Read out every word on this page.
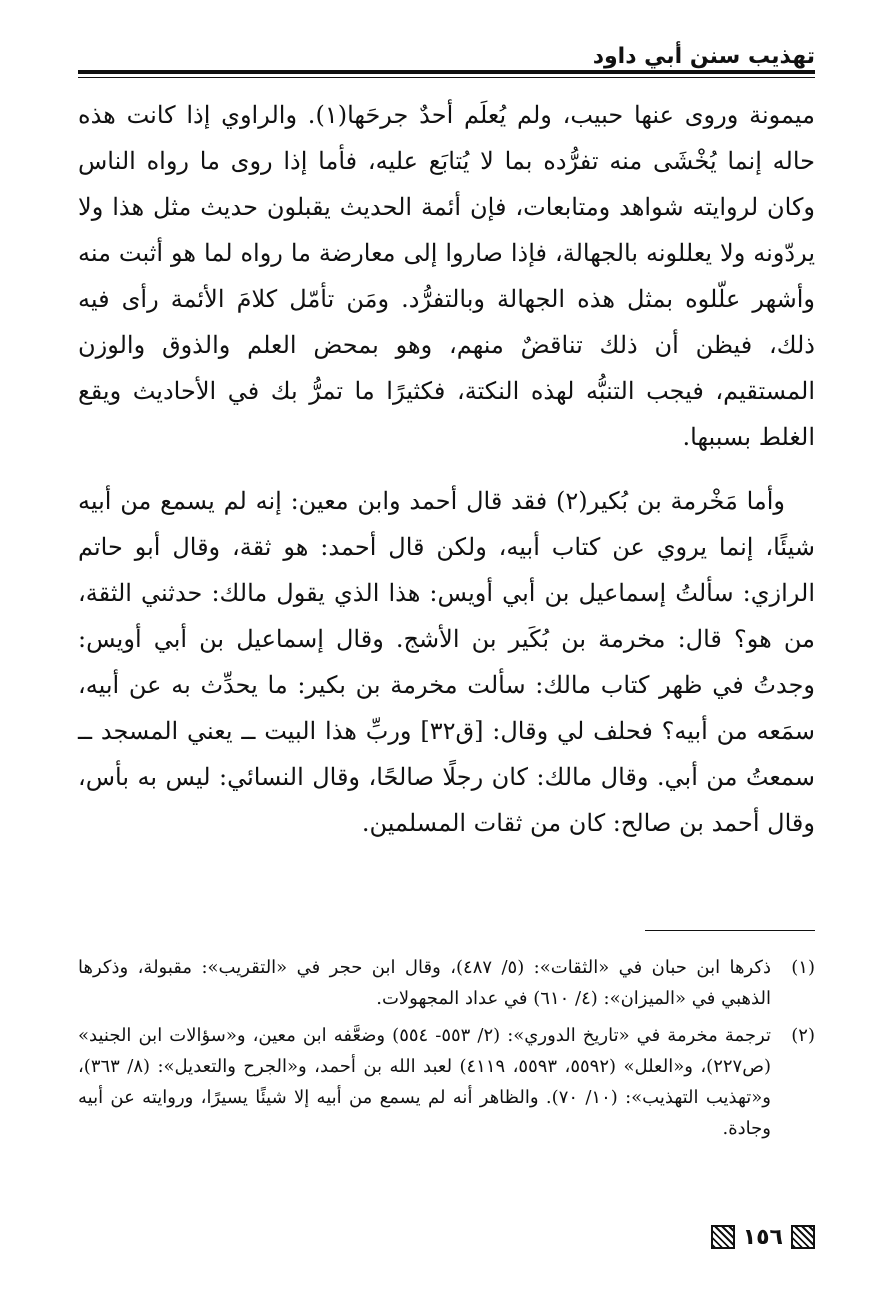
تهذيب سنن أبي داود

ميمونة وروى عنها حبيب، ولم يُعلَم أحدٌ جرحَها(١). والراوي إذا كانت هذه حاله إنما يُخْشَى منه تفرُّده بما لا يُتابَع عليه، فأما إذا روى ما رواه الناس وكان لروايته شواهد ومتابعات، فإن أئمة الحديث يقبلون حديث مثل هذا ولا يردّونه ولا يعللونه بالجهالة، فإذا صاروا إلى معارضة ما رواه لما هو أثبت منه وأشهر علّلوه بمثل هذه الجهالة وبالتفرُّد. ومَن تأمّل كلامَ الأئمة رأى فيه ذلك، فيظن أن ذلك تناقضٌ منهم، وهو بمحض العلم والذوق والوزن المستقيم، فيجب التنبُّه لهذه النكتة، فكثيرًا ما تمرُّ بك في الأحاديث ويقع الغلط بسببها.

وأما مَخْرمة بن بُكير(٢) فقد قال أحمد وابن معين: إنه لم يسمع من أبيه شيئًا، إنما يروي عن كتاب أبيه، ولكن قال أحمد: هو ثقة، وقال أبو حاتم الرازي: سألتُ إسماعيل بن أبي أويس: هذا الذي يقول مالك: حدثني الثقة، من هو؟ قال: مخرمة بن بُكَير بن الأشج. وقال إسماعيل بن أبي أويس: وجدتُ في ظهر كتاب مالك: سألت مخرمة بن بكير: ما يحدِّث به عن أبيه، سمَعه من أبيه؟ فحلف لي وقال: [ق٣٢] وربِّ هذا البيت ــ يعني المسجد ــ سمعتُ من أبي. وقال مالك: كان رجلًا صالحًا، وقال النسائي: ليس به بأس، وقال أحمد بن صالح: كان من ثقات المسلمين.

(١)
ذكرها ابن حبان في «الثقات»: (٥/ ٤٨٧)، وقال ابن حجر في «التقريب»: مقبولة، وذكرها الذهبي في «الميزان»: (٤/ ٦١٠) في عداد المجهولات.
(٢)
ترجمة مخرمة في «تاريخ الدوري»: (٢/ ٥٥٣- ٥٥٤) وضعَّفه ابن معين، و«سؤالات ابن الجنيد» (ص٢٢٧)، و«العلل» (٥٥٩٢، ٥٥٩٣، ٤١١٩) لعبد الله بن أحمد، و«الجرح والتعديل»: (٨/ ٣٦٣)، و«تهذيب التهذيب»: (١٠/ ٧٠). والظاهر أنه لم يسمع من أبيه إلا شيئًا يسيرًا، وروايته عن أبيه وجادة.
١٥٦
